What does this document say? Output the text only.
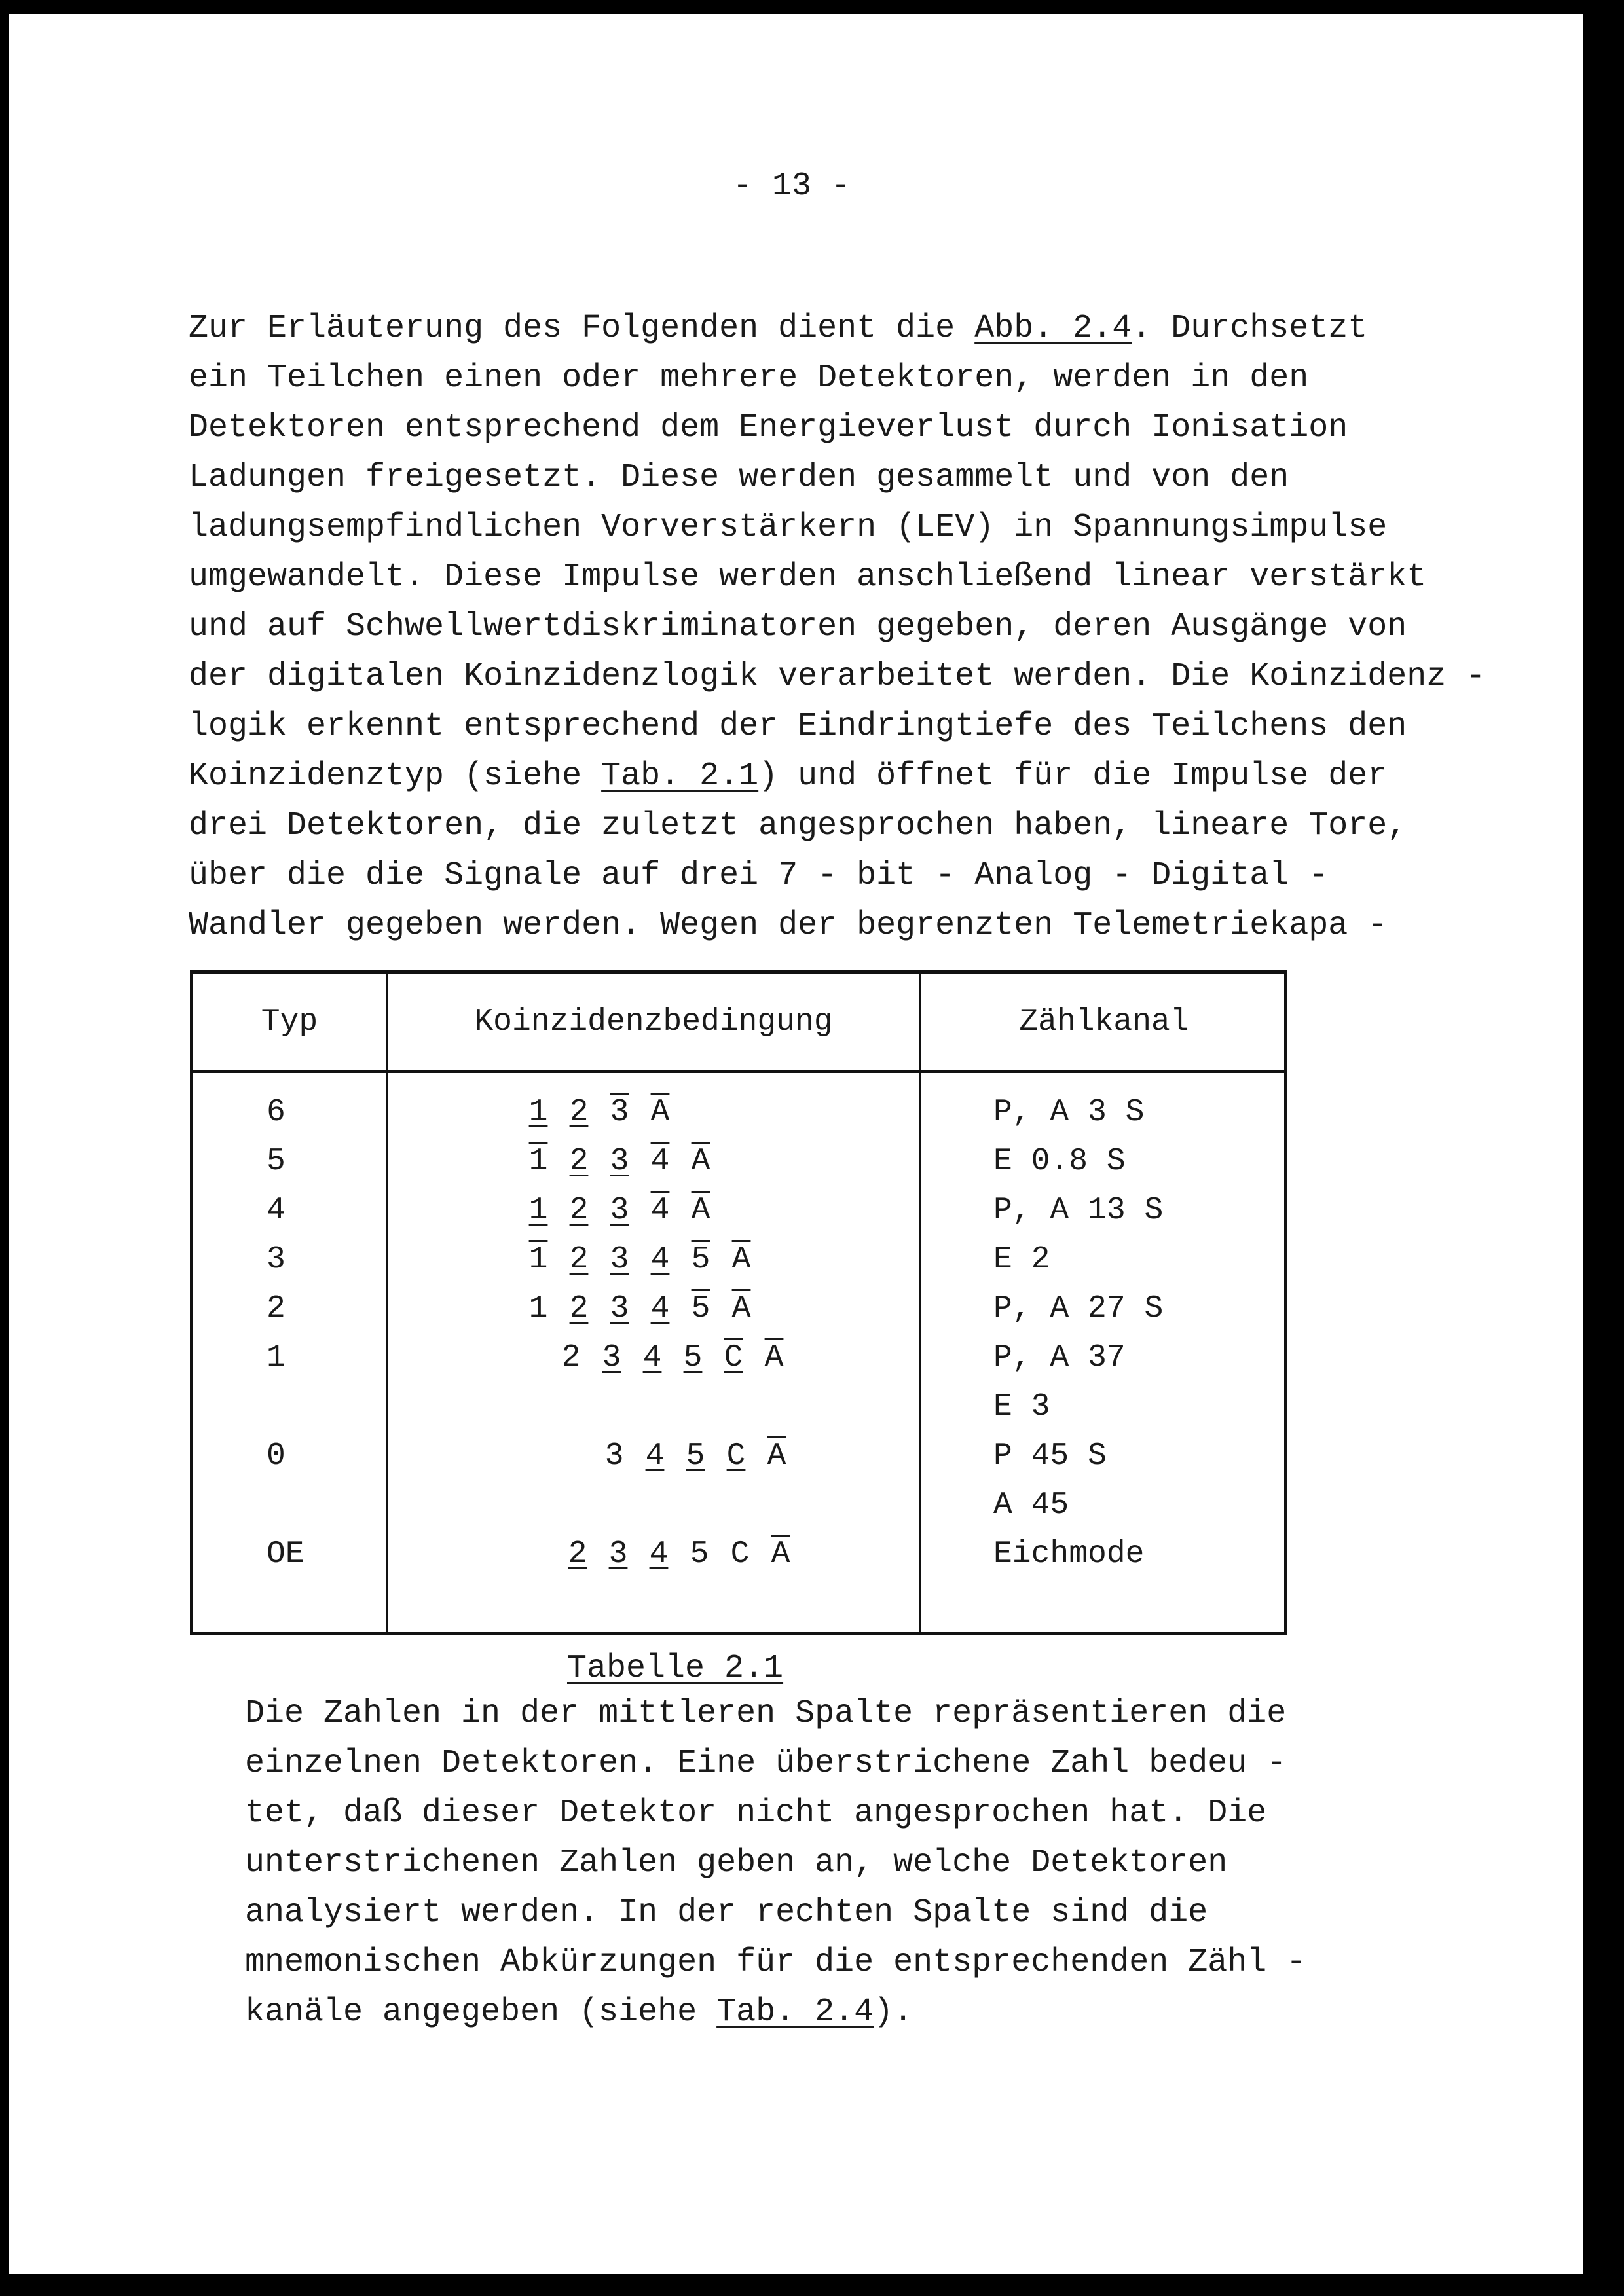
- 13 -
Zur Erläuterung des Folgenden dient die Abb. 2.4. Durchsetzt
ein Teilchen einen oder mehrere Detektoren, werden in den
Detektoren entsprechend dem Energieverlust durch Ionisation
Ladungen freigesetzt. Diese werden gesammelt und von den
ladungsempfindlichen Vorverstärkern (LEV) in Spannungsimpulse
umgewandelt. Diese Impulse werden anschließend linear verstärkt
und auf Schwellwertdiskriminatoren gegeben, deren Ausgänge von
der digitalen Koinzidenzlogik verarbeitet werden. Die Koinzidenz -
logik erkennt entsprechend der Eindringtiefe des Teilchens den
Koinzidenztyp (siehe Tab. 2.1) und öffnet für die Impulse der
drei Detektoren, die zuletzt angesprochen haben, lineare Tore,
über die die Signale auf drei 7 - bit - Analog - Digital -
Wandler gegeben werden. Wegen der begrenzten Telemetriekapa -
Typ	Koinzidenzbedingung	Zählkanal
6
5
4
3
2
1
0
OE
1 2 3 $\overline{A}$
1 2 3 4 $\overline{A}$
1 2 3 4 $\overline{A}$
1 2 3 4 5 $\overline{A}$
1 2 3 4 5 $\overline{A}$
2 3 4 5 C $\overline{A}$
3 4 5 C $\overline{A}$
2 3 4 5 C $\overline{A}$
P, A 3 S
E 0.8 S
P, A 13 S
E 2
P, A 27 S
P, A 37
E 3
P 45 S
A 45
Eichmode
Tabelle 2.1
Die Zahlen in der mittleren Spalte repräsentieren die
einzelnen Detektoren. Eine überstrichene Zahl bedeu -
tet, daß dieser Detektor nicht angesprochen hat. Die
unterstrichenen Zahlen geben an, welche Detektoren
analysiert werden. In der rechten Spalte sind die
mnemonischen Abkürzungen für die entsprechenden Zähl -
kanäle angegeben (siehe Tab. 2.4).
